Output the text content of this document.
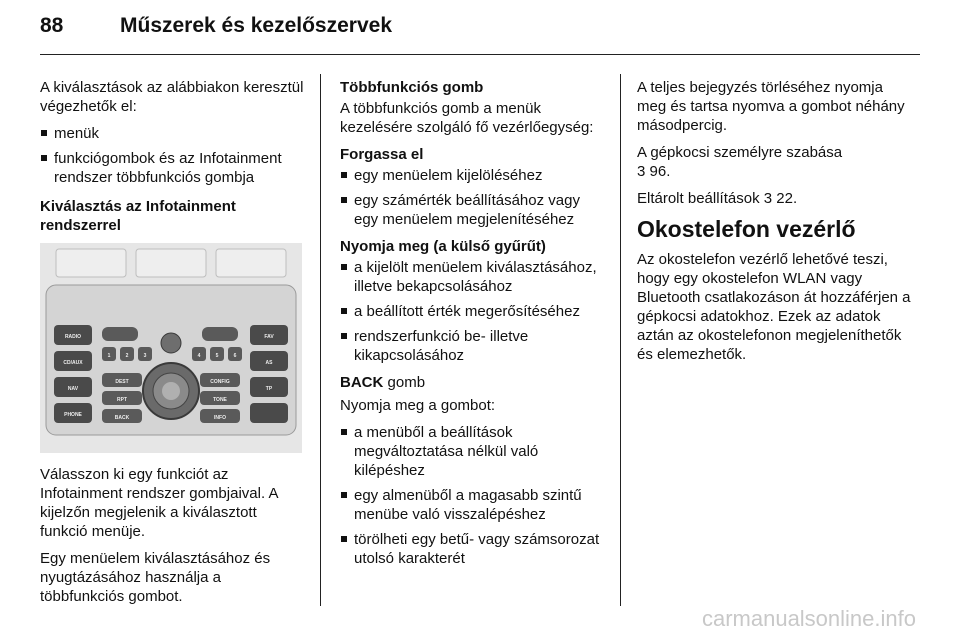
88	Műszerek és kezelőszervek

A kiválasztások az alábbiakon keresztül végezhetők el:

menük
funkciógombok és az Infotainment rendszer többfunkciós gombja

Kiválasztás az Infotainment rendszerrel

RADIO
CD/AUX
NAV
PHONE
FAV
AS
TP
DEST
RPT
BACK
CONFIG
TONE
INFO
1	2	3	4	5	6

Válasszon ki egy funkciót az Infotainment rendszer gombjaival. A kijelzőn megjelenik a kiválasztott funkció menüje.

Egy menüelem kiválasztásához és nyugtázásához használja a többfunkciós gombot.

Többfunkciós gomb

A többfunkciós gomb a menük kezelésére szolgáló fő vezérlőegység:

Forgassa el

egy menüelem kijelöléséhez
egy számérték beállításához vagy egy menüelem megjelenítéséhez

Nyomja meg (a külső gyűrűt)

a kijelölt menüelem kiválasztásához, illetve bekapcsolásához
a beállított érték megerősítéséhez
rendszerfunkció be- illetve kikapcsolásához

BACK gomb

Nyomja meg a gombot:

a menüből a beállítások megváltoztatása nélkül való kilépéshez
egy almenüből a magasabb szintű menübe való visszalépéshez
törölheti egy betű- vagy számsorozat utolsó karakterét

A teljes bejegyzés törléséhez nyomja meg és tartsa nyomva a gombot néhány másodpercig.

A gépkocsi személyre szabása
3 96.

Eltárolt beállítások 3 22.

Okostelefon vezérlő

Az okostelefon vezérlő lehetővé teszi, hogy egy okostelefon WLAN vagy Bluetooth csatlakozáson át hozzáférjen a gépkocsi adatokhoz. Ezek az adatok aztán az okostelefonon megjeleníthetők és elemezhetők.

carmanualsonline.info
